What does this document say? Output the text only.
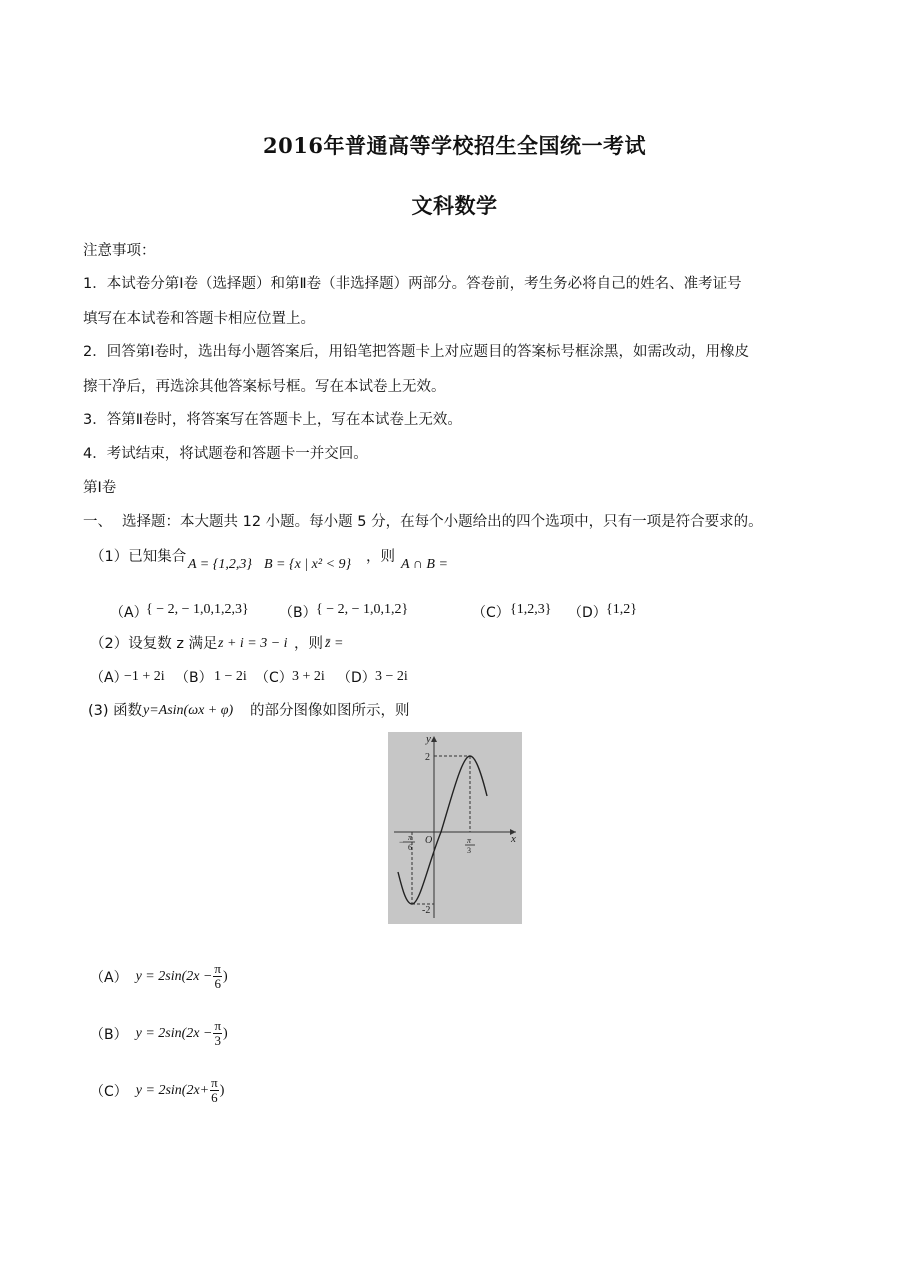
2016年普通高等学校招生全国统一考试
文科数学
注意事项：
1．本试卷分第Ⅰ卷（选择题）和第Ⅱ卷（非选择题）两部分。答卷前，考生务必将自己的姓名、准考证号
填写在本试卷和答题卡相应位置上。
2．回答第Ⅰ卷时，选出每小题答案后，用铅笔把答题卡上对应题目的答案标号框涂黑，如需改动，用橡皮
擦干净后，再选涂其他答案标号框。写在本试卷上无效。
3．答第Ⅱ卷时，将答案写在答题卡上，写在本试卷上无效。
4．考试结束，将试题卷和答题卡一并交回。
第Ⅰ卷
一、 选择题：本大题共 12 小题。每小题 5 分，在每个小题给出的四个选项中，只有一项是符合要求的。
（1）已知集合 A = {1,2,3} B = {x | x² < 9} ，则 A ∩ B =
（A）
{ − 2, − 1,0,1,2,3} （B） { − 2, − 1,0,1,2}	（C） {1,2,3} （D） {1,2}
（2）设复数 z 满足 z + i = 3 − i ，则 z̄ =
（A）
−1 + 2i （B） 1 − 2i （C） 3 + 2i （D） 3 − 2i
(3) 函数 y=Asin(ωx + φ) 的部分图像如图所示，则
y
x
O
2
-2
π
−
6
π
3
（A） $y = 2\sin(2x - \frac{\pi}{6}$ )
（B） $y = 2\sin(2x - \frac{\pi}{3}$ )
（C） $y = 2\sin(2x+ \frac{\pi}{6}$ )
